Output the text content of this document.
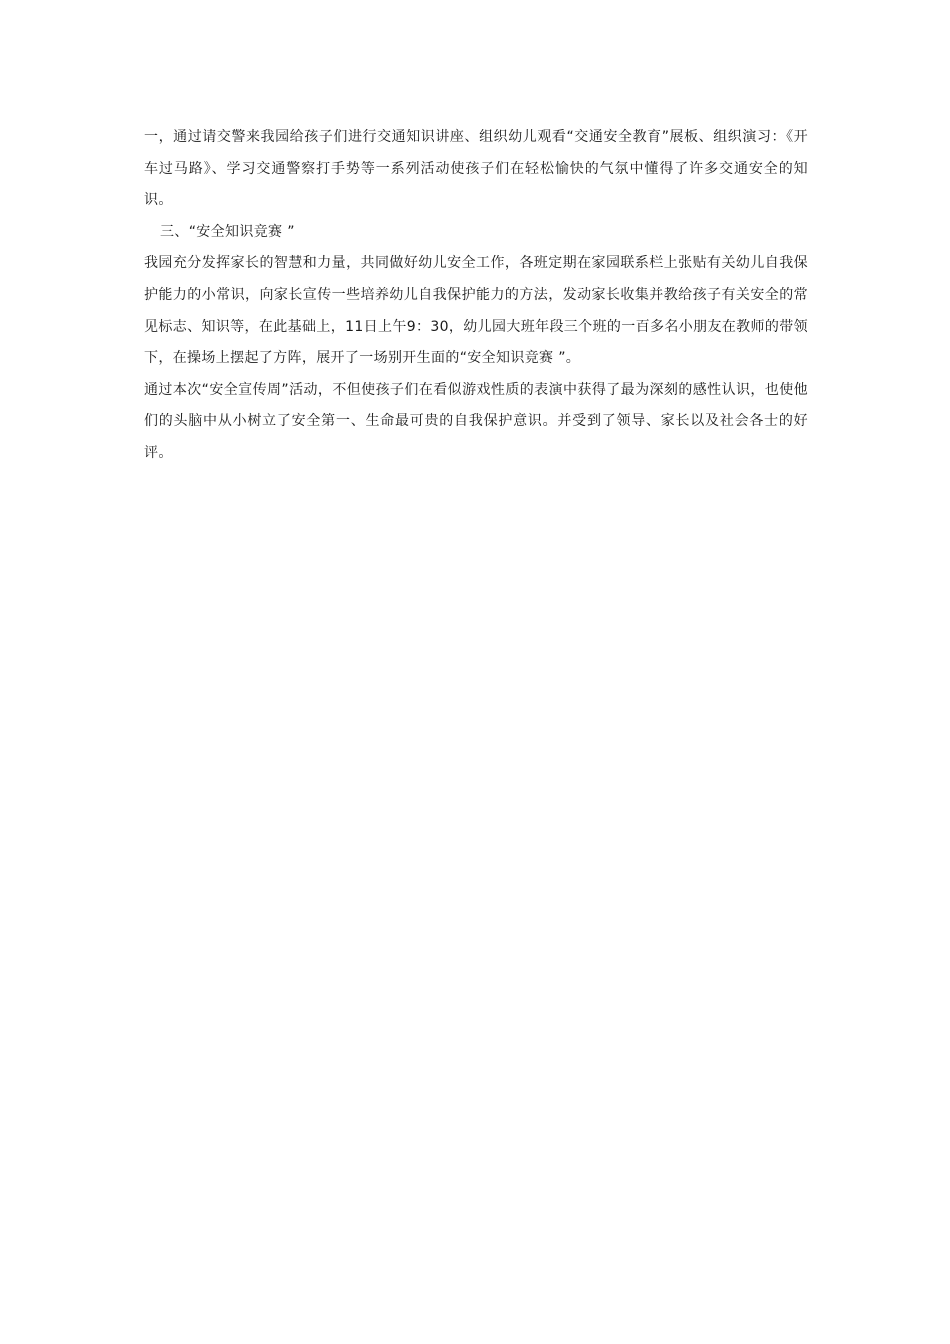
一，通过请交警来我园给孩子们进行交通知识讲座、组织幼儿观看“交通安全教育”展板、组织演习：《开车过马路》、学习交通警察打手势等一系列活动使孩子们在轻松愉快的气氛中懂得了许多交通安全的知识。

三、“安全知识竞赛 ”

我园充分发挥家长的智慧和力量，共同做好幼儿安全工作，各班定期在家园联系栏上张贴有关幼儿自我保护能力的小常识，向家长宣传一些培养幼儿自我保护能力的方法，发动家长收集并教给孩子有关安全的常见标志、知识等，在此基础上，11日上午9：30，幼儿园大班年段三个班的一百多名小朋友在教师的带领下，在操场上摆起了方阵，展开了一场别开生面的“安全知识竞赛 ”。

通过本次“安全宣传周”活动，不但使孩子们在看似游戏性质的表演中获得了最为深刻的感性认识，也使他们的头脑中从小树立了安全第一、生命最可贵的自我保护意识。并受到了领导、家长以及社会各士的好评。
